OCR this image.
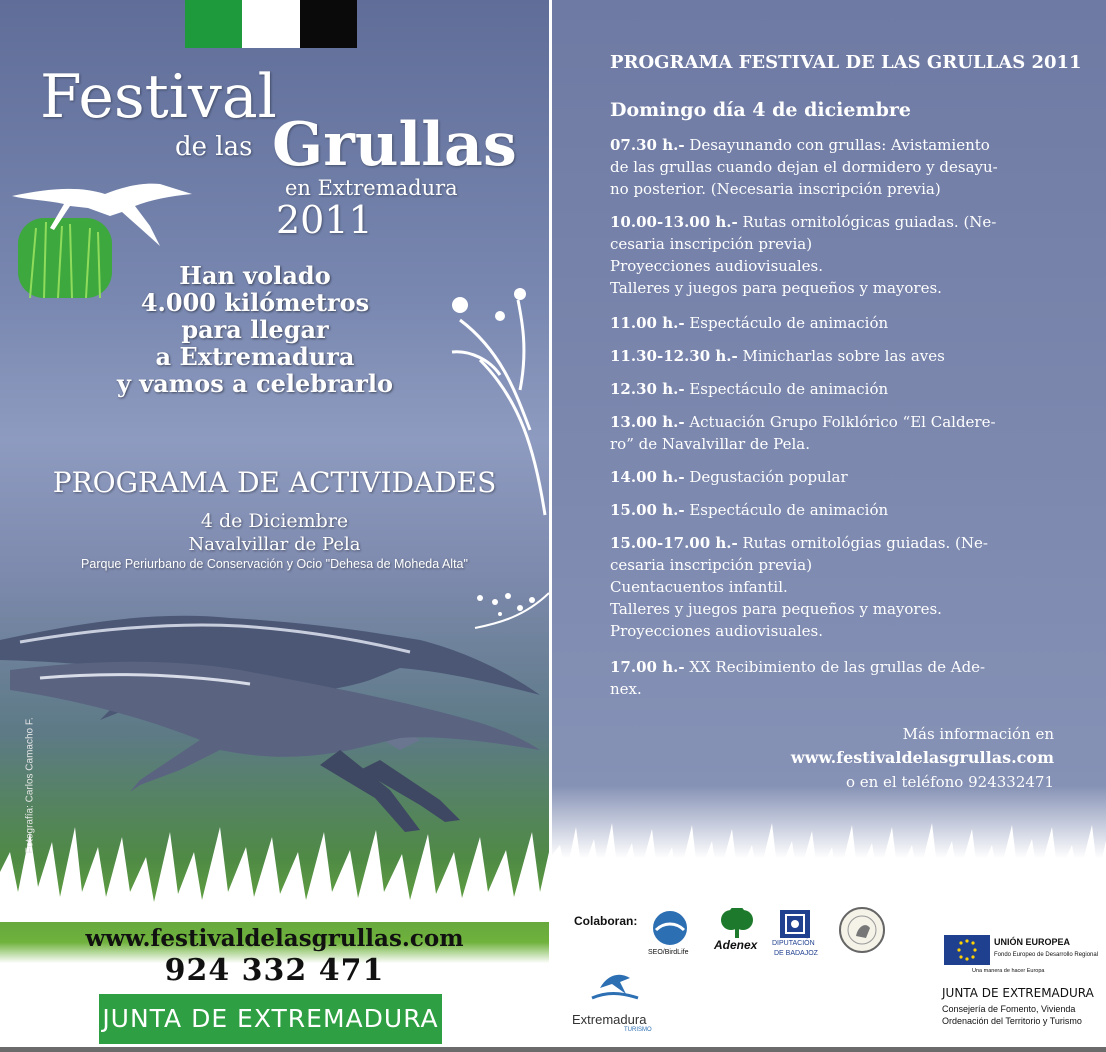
Festival
de las Grullas
en Extremadura
2011
Han volado
4.000 kilómetros
para llegar
a Extremadura
y vamos a celebrarlo
PROGRAMA DE ACTIVIDADES
4 de Diciembre
Navalvillar de Pela
Parque Periurbano de Conservación y Ocio "Dehesa de Moheda Alta"
Fotografía: Carlos Camacho F.
www.festivaldelasgrullas.com
924 332 471
JUNTA DE EXTREMADURA
PROGRAMA FESTIVAL DE LAS GRULLAS 2011
Domingo día 4 de diciembre
07.30 h.- Desayunando con grullas: Avistamiento
de las grullas cuando dejan el dormidero y desayu-
no posterior. (Necesaria inscripción previa)
10.00-13.00 h.- Rutas ornitológicas guiadas. (Ne-
cesaria inscripción previa)
Proyecciones audiovisuales.
Talleres y juegos para pequeños y mayores.
11.00 h.- Espectáculo de animación
11.30-12.30 h.- Minicharlas sobre las aves
12.30 h.- Espectáculo de animación
13.00 h.- Actuación Grupo Folklórico “El Caldere-
ro” de Navalvillar de Pela.
14.00 h.- Degustación popular
15.00 h.- Espectáculo de animación
15.00-17.00 h.- Rutas ornitológias guiadas. (Ne-
cesaria inscripción previa)
Cuentacuentos infantil.
Talleres y juegos para pequeños y mayores.
Proyecciones audiovisuales.
17.00 h.- XX Recibimiento de las grullas de Ade-
nex.
Más información en
www.festivaldelasgrullas.com
o en el teléfono 924332471
Colaboran:
SEO/BirdLife
Adenex DIPUTACIÓN
DE BADAJOZ
Extremadura
TURISMO
UNIÓN EUROPEA
Fondo Europeo de Desarrollo Regional
Una manera de hacer Europa
JUNTA DE EXTREMADURA
Consejería de Fomento, Vivienda
Ordenación del Territorio y Turismo
